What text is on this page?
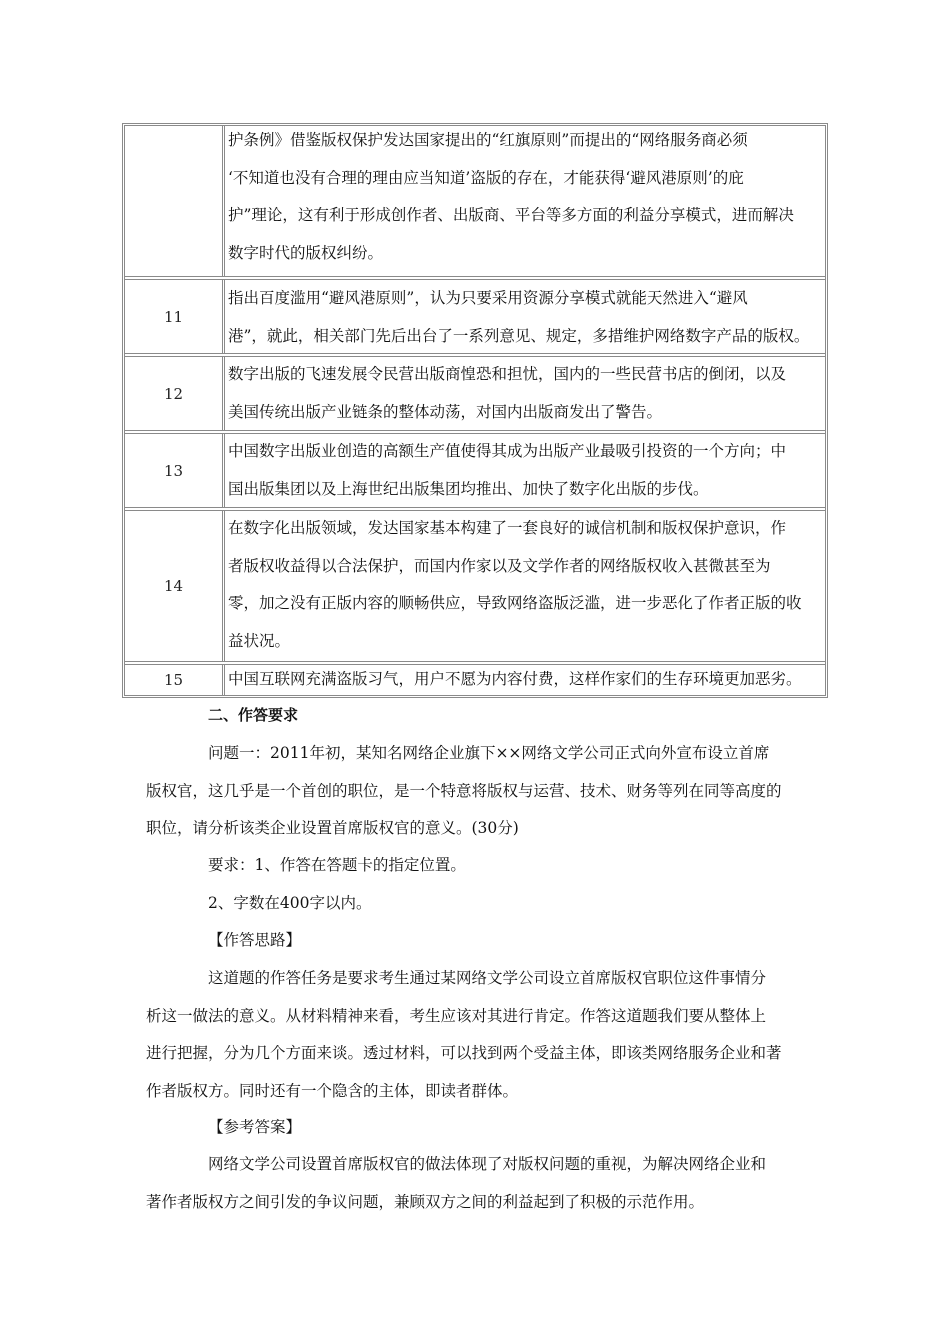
护条例》借鉴版权保护发达国家提出的“红旗原则”而提出的“网络服务商必须
‘不知道也没有合理的理由应当知道’盗版的存在，才能获得‘避风港原则’的庇
护”理论，这有利于形成创作者、出版商、平台等多方面的利益分享模式，进而解决
数字时代的版权纠纷。
11
指出百度滥用“避风港原则”，认为只要采用资源分享模式就能天然进入“避风
港”，就此，相关部门先后出台了一系列意见、规定，多措维护网络数字产品的版权。
12
数字出版的飞速发展令民营出版商惶恐和担忧，国内的一些民营书店的倒闭，以及
美国传统出版产业链条的整体动荡，对国内出版商发出了警告。
13
中国数字出版业创造的高额生产值使得其成为出版产业最吸引投资的一个方向；中
国出版集团以及上海世纪出版集团均推出、加快了数字化出版的步伐。
14
在数字化出版领域，发达国家基本构建了一套良好的诚信机制和版权保护意识，作
者版权收益得以合法保护，而国内作家以及文学作者的网络版权收入甚微甚至为
零，加之没有正版内容的顺畅供应，导致网络盗版泛滥，进一步恶化了作者正版的收
益状况。
15	中国互联网充满盗版习气，用户不愿为内容付费，这样作家们的生存环境更加恶劣。

二、作答要求

问题一：2011年初，某知名网络企业旗下××网络文学公司正式向外宣布设立首席
版权官，这几乎是一个首创的职位，是一个特意将版权与运营、技术、财务等列在同等高度的
职位，请分析该类企业设置首席版权官的意义。(30分)

要求：1、作答在答题卡的指定位置。

2、字数在400字以内。

【作答思路】

这道题的作答任务是要求考生通过某网络文学公司设立首席版权官职位这件事情分
析这一做法的意义。从材料精神来看，考生应该对其进行肯定。作答这道题我们要从整体上
进行把握，分为几个方面来谈。透过材料，可以找到两个受益主体，即该类网络服务企业和著
作者版权方。同时还有一个隐含的主体，即读者群体。

【参考答案】

网络文学公司设置首席版权官的做法体现了对版权问题的重视，为解决网络企业和
著作者版权方之间引发的争议问题，兼顾双方之间的利益起到了积极的示范作用。
